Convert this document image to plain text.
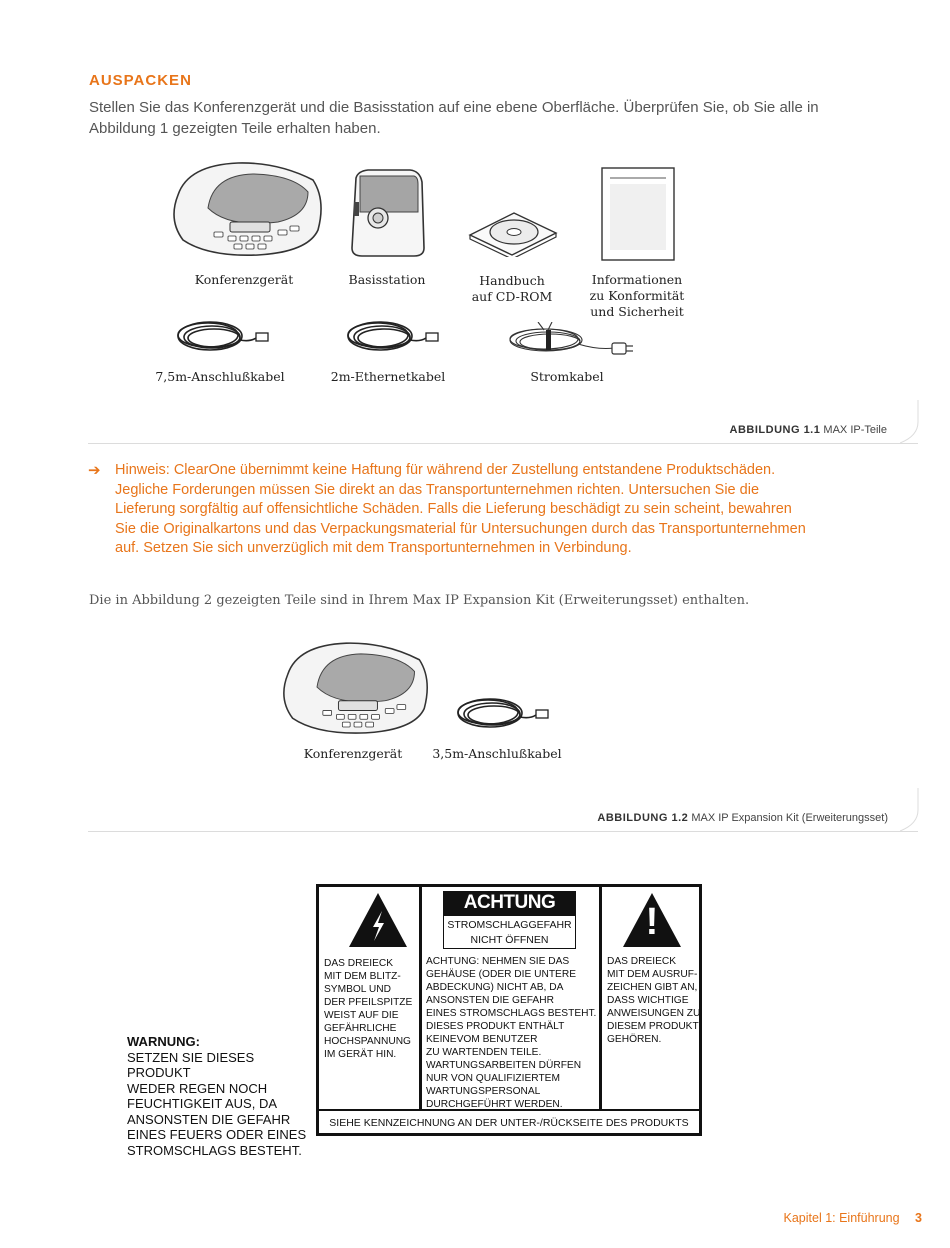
AUSPACKEN
Stellen Sie das Konferenzgerät und die Basisstation auf eine ebene Oberfläche. Überprüfen Sie, ob Sie alle in Abbildung 1 gezeigten Teile erhalten haben.
Konferenzgerät	Basisstation	Handbuch
auf CD-ROM
Informationen
zu Konformität
und Sicherheit
7,5m-Anschlußkabel	2m-Ethernetkabel	Stromkabel
ABBILDUNG 1.1 MAX IP-Teile
➔ Hinweis: ClearOne übernimmt keine Haftung für während der Zustellung entstandene Produktschäden. Jegliche Forderungen müssen Sie direkt an das Transportunternehmen richten. Untersuchen Sie die Lieferung sorgfältig auf offensichtliche Schäden. Falls die Lieferung beschädigt zu sein scheint, bewahren Sie die Originalkartons und das Verpackungsmaterial für Untersuchungen durch das Transportunternehmen auf. Setzen Sie sich unverzüglich mit dem Transportunternehmen in Verbindung.
Die in Abbildung 2 gezeigten Teile sind in Ihrem Max IP Expansion Kit (Erweiterungsset) enthalten.
Konferenzgerät	3,5m-Anschlußkabel
ABBILDUNG 1.2 MAX IP Expansion Kit (Erweiterungsset)
WARNUNG:
SETZEN SIE DIESES PRODUKT
WEDER REGEN NOCH
FEUCHTIGKEIT AUS, DA
ANSONSTEN DIE GEFAHR
EINES FEUERS ODER EINES
STROMSCHLAGS BESTEHT.
DAS DREIECK
MIT DEM BLITZ-
SYMBOL UND
DER PFEILSPITZE
WEIST AUF DIE
GEFÄHRLICHE
HOCHSPANNUNG
IM GERÄT HIN.
ACHTUNG
STROMSCHLAGGEFAHR
NICHT ÖFFNEN
ACHTUNG: NEHMEN SIE DAS
GEHÄUSE (ODER DIE UNTERE
ABDECKUNG) NICHT AB, DA
ANSONSTEN DIE GEFAHR
EINES STROMSCHLAGS BESTEHT.
DIESES PRODUKT ENTHÄLT
KEINEVOM BENUTZER
ZU WARTENDEN TEILE.
WARTUNGSARBEITEN DÜRFEN
NUR VON QUALIFIZIERTEM
WARTUNGSPERSONAL
DURCHGEFÜHRT WERDEN.
!
DAS DREIECK
MIT DEM AUSRUF-
ZEICHEN GIBT AN,
DASS WICHTIGE
ANWEISUNGEN ZU
DIESEM PRODUKT
GEHÖREN.
SIEHE KENNZEICHNUNG AN DER UNTER-/RÜCKSEITE DES PRODUKTS
Kapitel 1: Einführung 3
